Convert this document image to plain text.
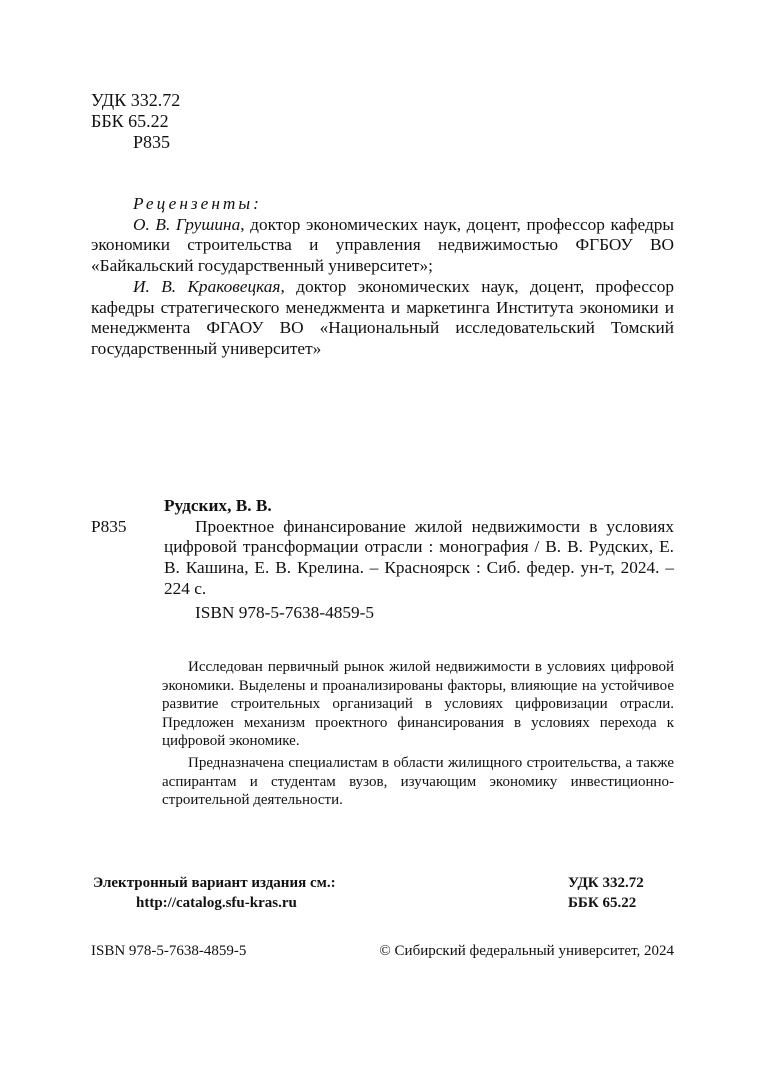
УДК 332.72
ББК 65.22
Р835
Рецензенты:

О. В. Грушина, доктор экономических наук, доцент, профессор кафедры экономики строительства и управления недвижимостью ФГБОУ ВО «Байкальский государственный университет»;

И. В. Краковецкая, доктор экономических наук, доцент, профессор кафедры стратегического менеджмента и маркетинга Института экономики и менеджмента ФГАОУ ВО «Национальный исследовательский Томский государственный университет»

Рудских, В. В.
Р835	Проектное финансирование жилой недвижимости в условиях цифровой трансформации отрасли : монография / В. В. Рудских, Е. В. Кашина, Е. В. Крелина. – Красноярск : Сиб. федер. ун-т, 2024. – 224 с.
ISBN 978-5-7638-4859-5

Исследован первичный рынок жилой недвижимости в условиях цифровой экономики. Выделены и проанализированы факторы, влияющие на устойчивое развитие строительных организаций в условиях цифровизации отрасли. Предложен механизм проектного финансирования в условиях перехода к цифровой экономике.

Предназначена специалистам в области жилищного строительства, а также аспирантам и студентам вузов, изучающим экономику инвестиционно-строительной деятельности.

Электронный вариант издания см.:
http://catalog.sfu-kras.ru
УДК 332.72
ББК 65.22
ISBN 978-5-7638-4859-5	© Сибирский федеральный университет, 2024
